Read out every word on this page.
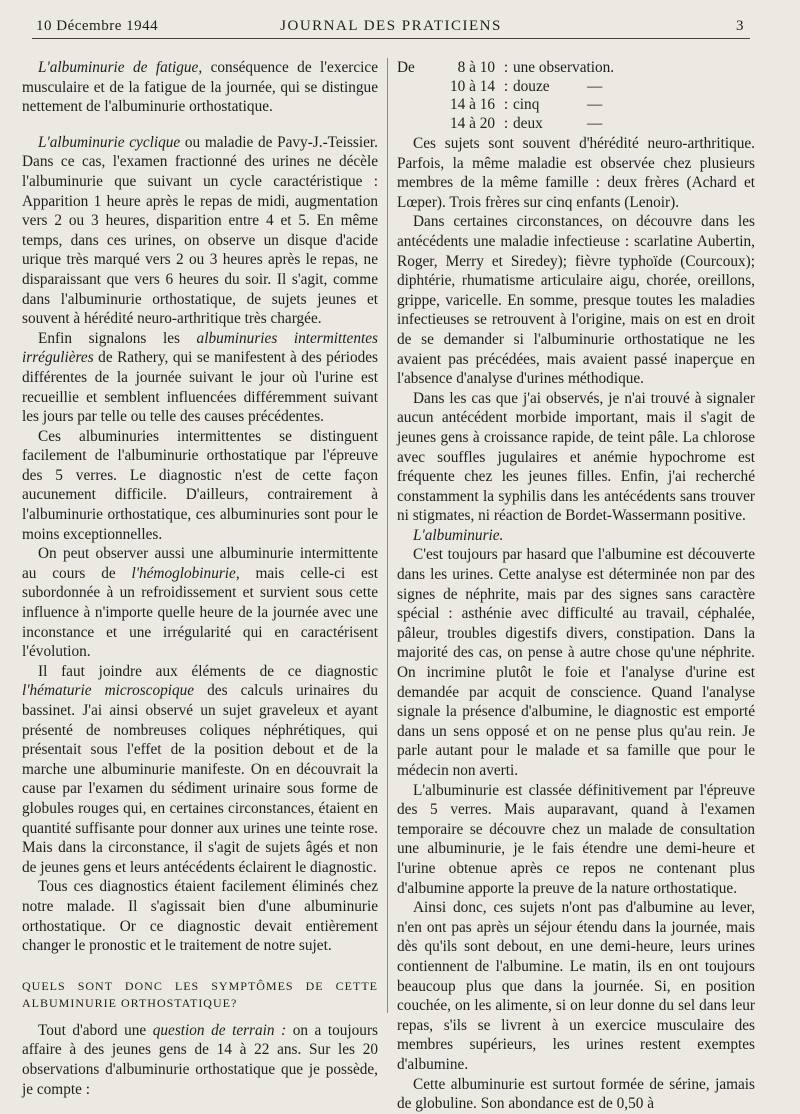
10 Décembre 1944	JOURNAL DES PRATICIENS	3

L'albuminurie de fatigue, conséquence de l'exercice musculaire et de la fatigue de la journée, qui se distingue nettement de l'albuminurie orthostatique.

L'albuminurie cyclique ou maladie de Pavy-J.-Teissier. Dans ce cas, l'examen fractionné des urines ne décèle l'albuminurie que suivant un cycle caractéristique : Apparition 1 heure après le repas de midi, augmentation vers 2 ou 3 heures, disparition entre 4 et 5. En même temps, dans ces urines, on observe un disque d'acide urique très marqué vers 2 ou 3 heures après le repas, ne disparaissant que vers 6 heures du soir. Il s'agit, comme dans l'albuminurie orthostatique, de sujets jeunes et souvent à hérédité neuro-arthritique très chargée.

Enfin signalons les albuminuries intermittentes irrégulières de Rathery, qui se manifestent à des périodes différentes de la journée suivant le jour où l'urine est recueillie et semblent influencées différemment suivant les jours par telle ou telle des causes précédentes.

Ces albuminuries intermittentes se distinguent facilement de l'albuminurie orthostatique par l'épreuve des 5 verres. Le diagnostic n'est de cette façon aucunement difficile. D'ailleurs, contrairement à l'albuminurie orthostatique, ces albuminuries sont pour le moins exceptionnelles.

On peut observer aussi une albuminurie intermittente au cours de l'hémoglobinurie, mais celle-ci est subordonnée à un refroidissement et survient sous cette influence à n'importe quelle heure de la journée avec une inconstance et une irrégularité qui en caractérisent l'évolution.

Il faut joindre aux éléments de ce diagnostic l'hématurie microscopique des calculs urinaires du bassinet. J'ai ainsi observé un sujet graveleux et ayant présenté de nombreuses coliques néphrétiques, qui présentait sous l'effet de la position debout et de la marche une albuminurie manifeste. On en découvrait la cause par l'examen du sédiment urinaire sous forme de globules rouges qui, en certaines circonstances, étaient en quantité suffisante pour donner aux urines une teinte rose. Mais dans la circonstance, il s'agit de sujets âgés et non de jeunes gens et leurs antécédents éclairent le diagnostic.

Tous ces diagnostics étaient facilement éliminés chez notre malade. Il s'agissait bien d'une albuminurie orthostatique. Or ce diagnostic devait entièrement changer le pronostic et le traitement de notre sujet.

QUELS SONT DONC LES SYMPTÔMES DE CETTE ALBUMINURIE ORTHOSTATIQUE?

Tout d'abord une question de terrain : on a toujours affaire à des jeunes gens de 14 à 22 ans. Sur les 20 observations d'albuminurie orthostatique que je possède, je compte :

De	8 à 10 : une observation.
10 à 14 : douze	—
14 à 16 : cinq	—
14 à 20 : deux	—

Ces sujets sont souvent d'hérédité neuro-arthritique. Parfois, la même maladie est observée chez plusieurs membres de la même famille : deux frères (Achard et Lœper). Trois frères sur cinq enfants (Lenoir).

Dans certaines circonstances, on découvre dans les antécédents une maladie infectieuse : scarlatine Aubertin, Roger, Merry et Siredey); fièvre typhoïde (Courcoux); diphtérie, rhumatisme articulaire aigu, chorée, oreillons, grippe, varicelle. En somme, presque toutes les maladies infectieuses se retrouvent à l'origine, mais on est en droit de se demander si l'albuminurie orthostatique ne les avaient pas précédées, mais avaient passé inaperçue en l'absence d'analyse d'urines méthodique.

Dans les cas que j'ai observés, je n'ai trouvé à signaler aucun antécédent morbide important, mais il s'agit de jeunes gens à croissance rapide, de teint pâle. La chlorose avec souffles jugulaires et anémie hypochrome est fréquente chez les jeunes filles. Enfin, j'ai recherché constamment la syphilis dans les antécédents sans trouver ni stigmates, ni réaction de Bordet-Wassermann positive.

L'albuminurie.

C'est toujours par hasard que l'albumine est découverte dans les urines. Cette analyse est déterminée non par des signes de néphrite, mais par des signes sans caractère spécial : asthénie avec difficulté au travail, céphalée, pâleur, troubles digestifs divers, constipation. Dans la majorité des cas, on pense à autre chose qu'une néphrite. On incrimine plutôt le foie et l'analyse d'urine est demandée par acquit de conscience. Quand l'analyse signale la présence d'albumine, le diagnostic est emporté dans un sens opposé et on ne pense plus qu'au rein. Je parle autant pour le malade et sa famille que pour le médecin non averti.

L'albuminurie est classée définitivement par l'épreuve des 5 verres. Mais auparavant, quand à l'examen temporaire se découvre chez un malade de consultation une albuminurie, je le fais étendre une demi-heure et l'urine obtenue après ce repos ne contenant plus d'albumine apporte la preuve de la nature orthostatique.

Ainsi donc, ces sujets n'ont pas d'albumine au lever, n'en ont pas après un séjour étendu dans la journée, mais dès qu'ils sont debout, en une demi-heure, leurs urines contiennent de l'albumine. Le matin, ils en ont toujours beaucoup plus que dans la journée. Si, en position couchée, on les alimente, si on leur donne du sel dans leur repas, s'ils se livrent à un exercice musculaire des membres supérieurs, les urines restent exemptes d'albumine.

Cette albuminurie est surtout formée de sérine, jamais de globuline. Son abondance est de 0,50 à
